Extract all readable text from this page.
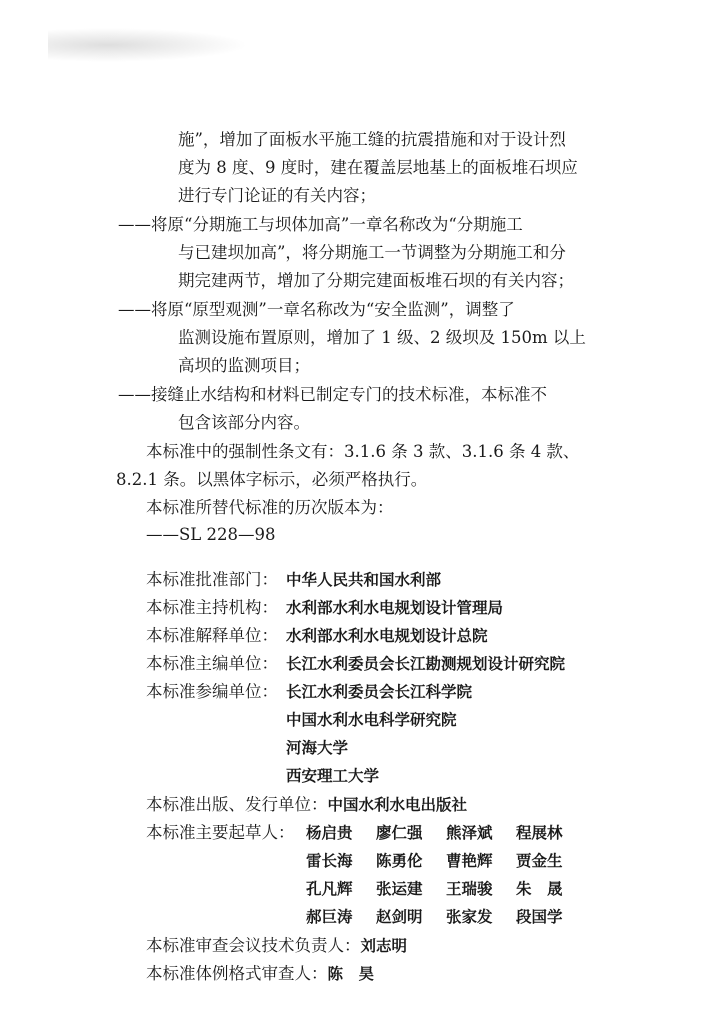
施”，增加了面板水平施工缝的抗震措施和对于设计烈
度为 8 度、9 度时，建在覆盖层地基上的面板堆石坝应
进行专门论证的有关内容；
——将原“分期施工与坝体加高”一章名称改为“分期施工
与已建坝加高”，将分期施工一节调整为分期施工和分
期完建两节，增加了分期完建面板堆石坝的有关内容；
——将原“原型观测”一章名称改为“安全监测”，调整了
监测设施布置原则，增加了 1 级、2 级坝及 150m 以上
高坝的监测项目；
——接缝止水结构和材料已制定专门的技术标准，本标准不
包含该部分内容。
本标准中的强制性条文有：3.1.6 条 3 款、3.1.6 条 4 款、
8.2.1 条。以黑体字标示，必须严格执行。
本标准所替代标准的历次版本为：
——SL 228—98
本标准批准部门： 中华人民共和国水利部
本标准主持机构： 水利部水利水电规划设计管理局
本标准解释单位： 水利部水利水电规划设计总院
本标准主编单位： 长江水利委员会长江勘测规划设计研究院
本标准参编单位： 长江水利委员会长江科学院
中国水利水电科学研究院
河海大学
西安理工大学
本标准出版、发行单位：中国水利水电出版社
本标准主要起草人： 杨启贵 廖仁强 熊泽斌 程展林
雷长海 陈勇伦 曹艳辉 贾金生
孔凡辉 张运建 王瑞骏 朱　晟
郝巨涛 赵剑明 张家发 段国学
本标准审查会议技术负责人：刘志明
本标准体例格式审查人：陈　昊
